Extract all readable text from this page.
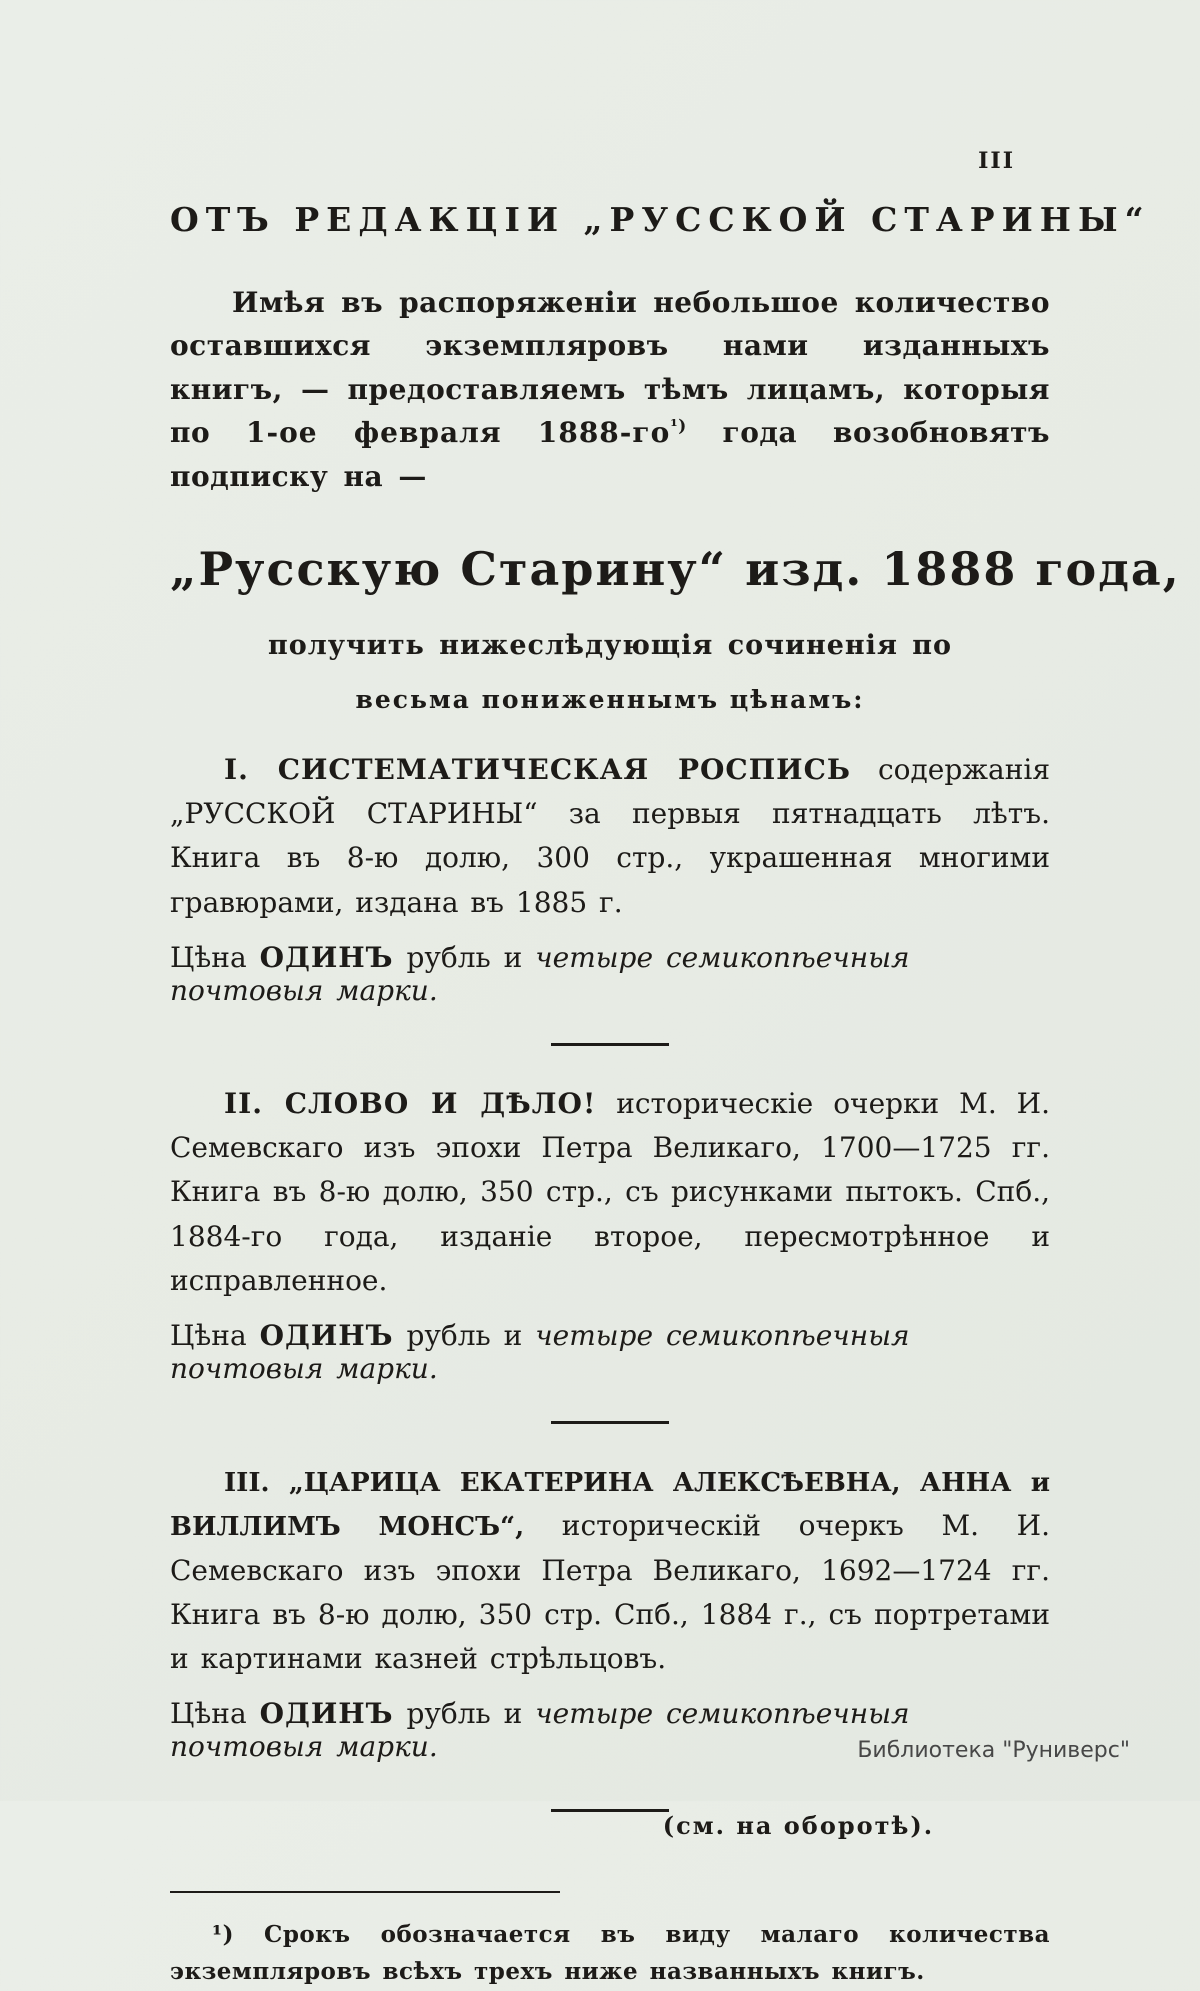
III
ОТЪ РЕДАКЦІИ „РУССКОЙ СТАРИНЫ“

Имѣя въ распоряженіи небольшое количество оставшихся экземпляровъ нами изданныхъ книгъ, — предоставляемъ тѣмъ лицамъ, которыя по 1-ое февраля 1888-го$^{^1)}$ года возобновятъ подписку на —

„Русскую Старину“ изд. 1888 года,

получить нижеслѣдующія сочиненія по

весьма пониженнымъ цѣнамъ:

I. СИСТЕМАТИЧЕСКАЯ РОСПИСЬ содержанія „РУССКОЙ СТАРИНЫ“ за первыя пятнадцать лѣтъ. Книга въ 8-ю долю, 300 стр., украшенная многими гравюрами, издана въ 1885 г.

Цѣна ОДИНЪ рубль и четыре семикопѣечныя почтовыя марки.

II. СЛОВО И ДѢЛО! историческіе очерки М. И. Семевскаго изъ эпохи Петра Великаго, 1700—1725 гг. Книга въ 8-ю долю, 350 стр., съ рисунками пытокъ. Спб., 1884-го года, изданіе второе, пересмотрѣнное и исправленное.

Цѣна ОДИНЪ рубль и четыре семикопѣечныя почтовыя марки.

III. „ЦАРИЦА ЕКАТЕРИНА АЛЕКСѢЕВНА, АННА и ВИЛЛИМЪ МОНСЪ“, историческій очеркъ М. И. Семевскаго изъ эпохи Петра Великаго, 1692—1724 гг. Книга въ 8-ю долю, 350 стр. Спб., 1884 г., съ портретами и картинами казней стрѣльцовъ.

Цѣна ОДИНЪ рубль и четыре семикопѣечныя почтовыя марки.

(см. на оборотѣ).

¹) Срокъ обозначается въ виду малаго количества экземпляровъ всѣхъ трехъ ниже названныхъ книгъ.

Библиотека "Руниверс"
